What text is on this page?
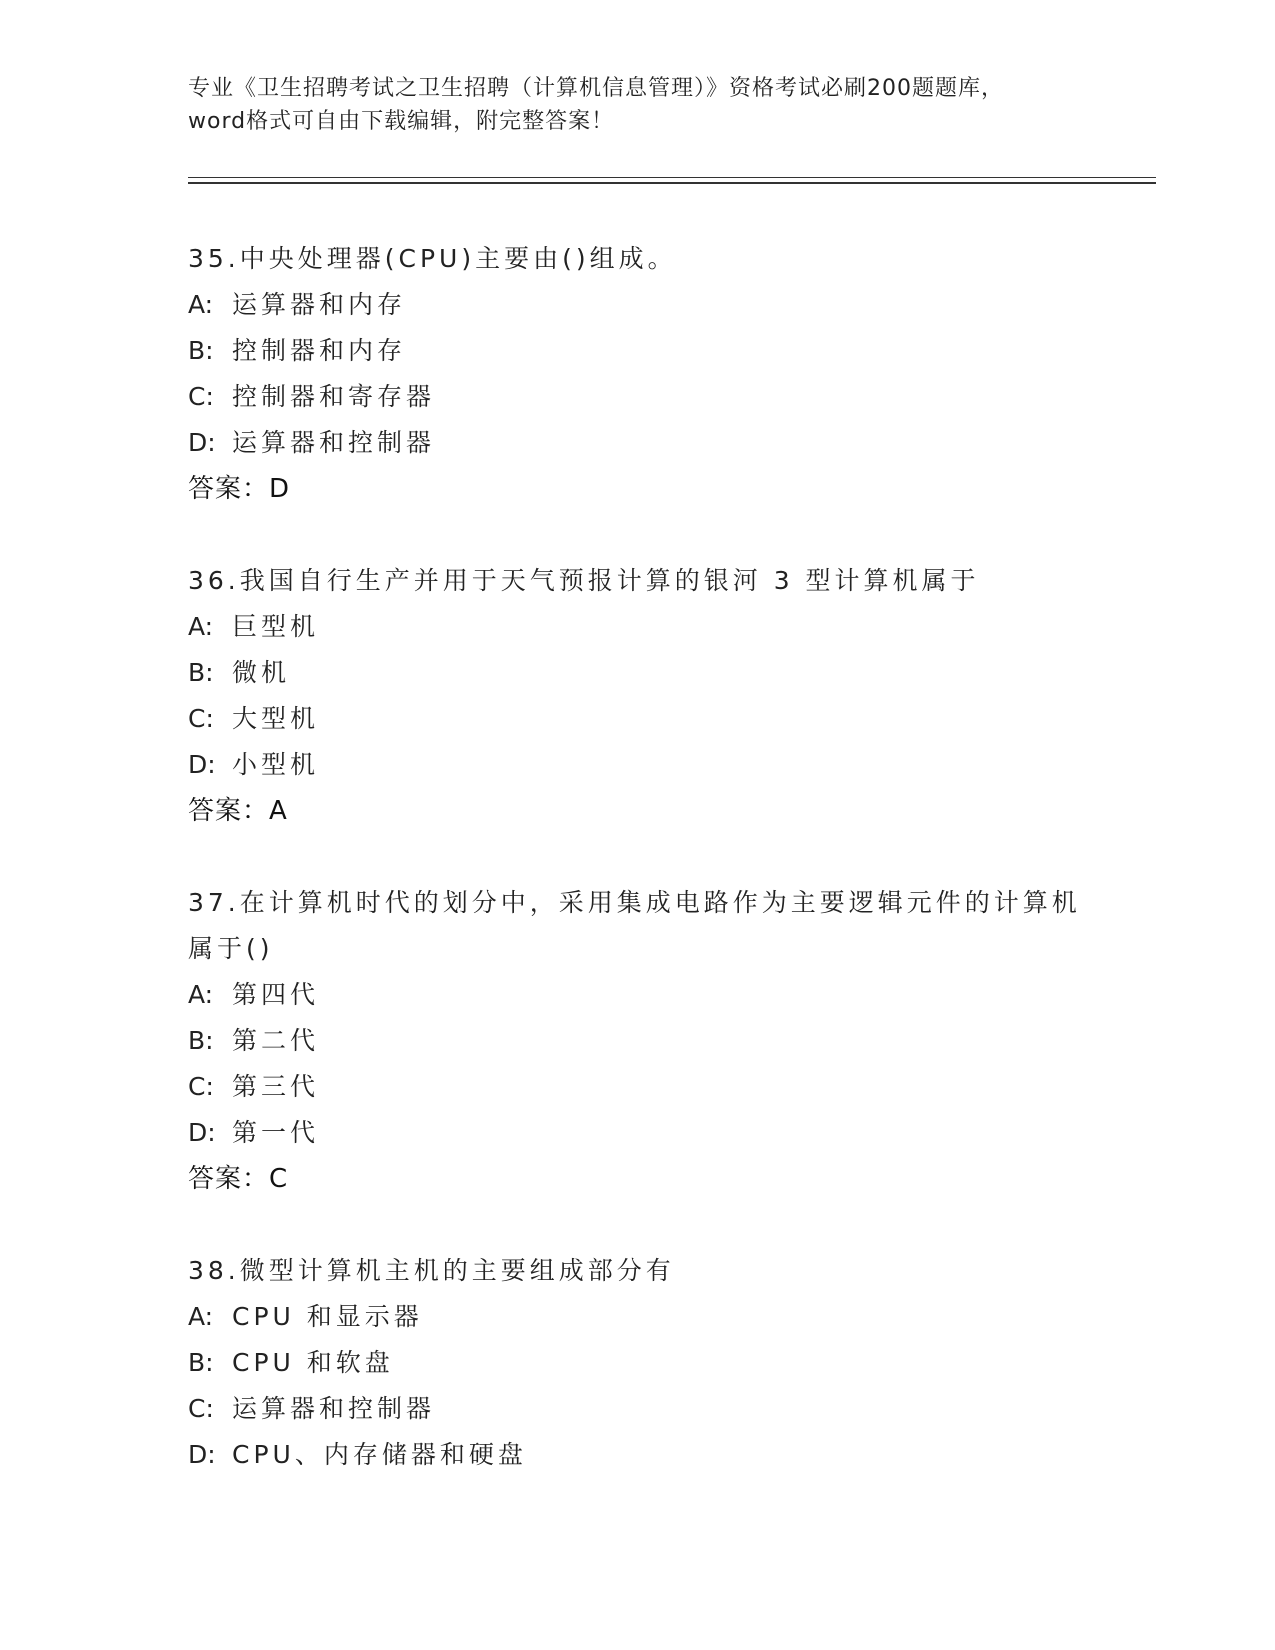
专业《卫生招聘考试之卫生招聘（计算机信息管理）》资格考试必刷200题题库，
word格式可自由下载编辑，附完整答案！
35.中央处理器(CPU)主要由()组成。
A: 运算器和内存
B: 控制器和内存
C: 控制器和寄存器
D: 运算器和控制器
答案：D
36.我国自行生产并用于天气预报计算的银河 3 型计算机属于
A: 巨型机
B: 微机
C: 大型机
D: 小型机
答案：A
37.在计算机时代的划分中，采用集成电路作为主要逻辑元件的计算机属于()
A: 第四代
B: 第二代
C: 第三代
D: 第一代
答案：C
38.微型计算机主机的主要组成部分有
A: CPU 和显示器
B: CPU 和软盘
C: 运算器和控制器
D: CPU、内存储器和硬盘
